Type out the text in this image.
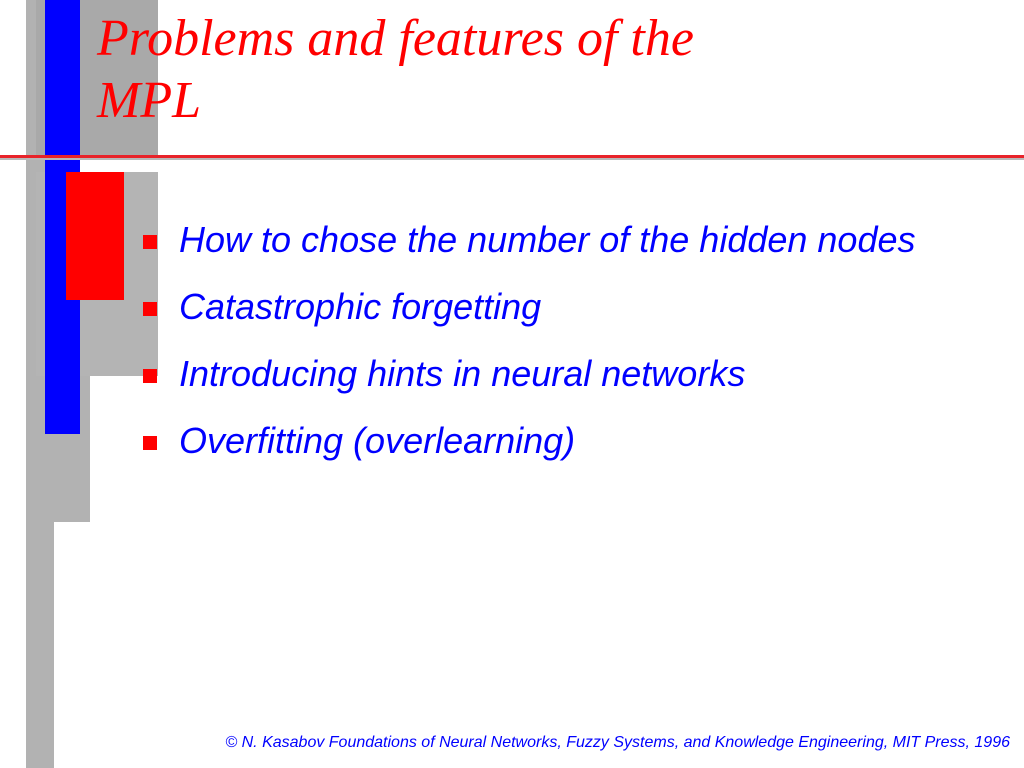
Problems and features of the
MPL
How to chose the number of the hidden nodes
Catastrophic forgetting
Introducing hints in neural networks
Overfitting (overlearning)
© N. Kasabov Foundations of Neural Networks, Fuzzy Systems, and Knowledge Engineering, MIT Press, 1996
